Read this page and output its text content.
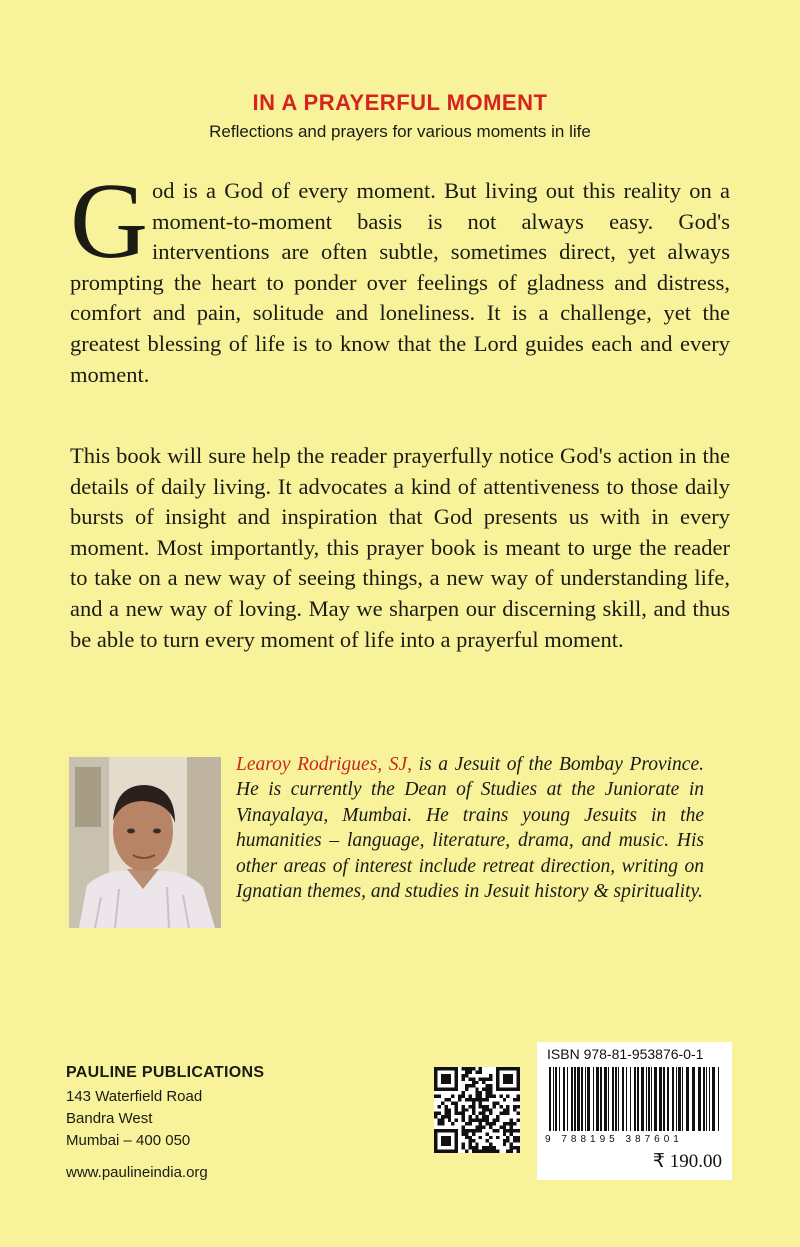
IN A PRAYERFUL MOMENT
Reflections and prayers for various moments in life

God is a God of every moment. But living out this reality on a moment-to-moment basis is not always easy. God's interventions are often subtle, sometimes direct, yet always prompting the heart to ponder over feelings of gladness and distress, comfort and pain, solitude and loneliness. It is a challenge, yet the greatest blessing of life is to know that the Lord guides each and every moment.

This book will sure help the reader prayerfully notice God's action in the details of daily living. It advocates a kind of attentiveness to those daily bursts of insight and inspiration that God presents us with in every moment. Most importantly, this prayer book is meant to urge the reader to take on a new way of seeing things, a new way of understanding life, and a new way of loving. May we sharpen our discerning skill, and thus be able to turn every moment of life into a prayerful moment.

Learoy Rodrigues, SJ, is a Jesuit of the Bombay Province. He is currently the Dean of Studies at the Juniorate in Vinayalaya, Mumbai. He trains young Jesuits in the humanities – language, literature, drama, and music. His other areas of interest include retreat direction, writing on Ignatian themes, and studies in Jesuit history & spirituality.

PAULINE PUBLICATIONS
143 Waterfield Road
Bandra West
Mumbai – 400 050
www.paulineindia.org
ISBN 978-81-953876-0-1
9 788195 387601
₹ 190.00
